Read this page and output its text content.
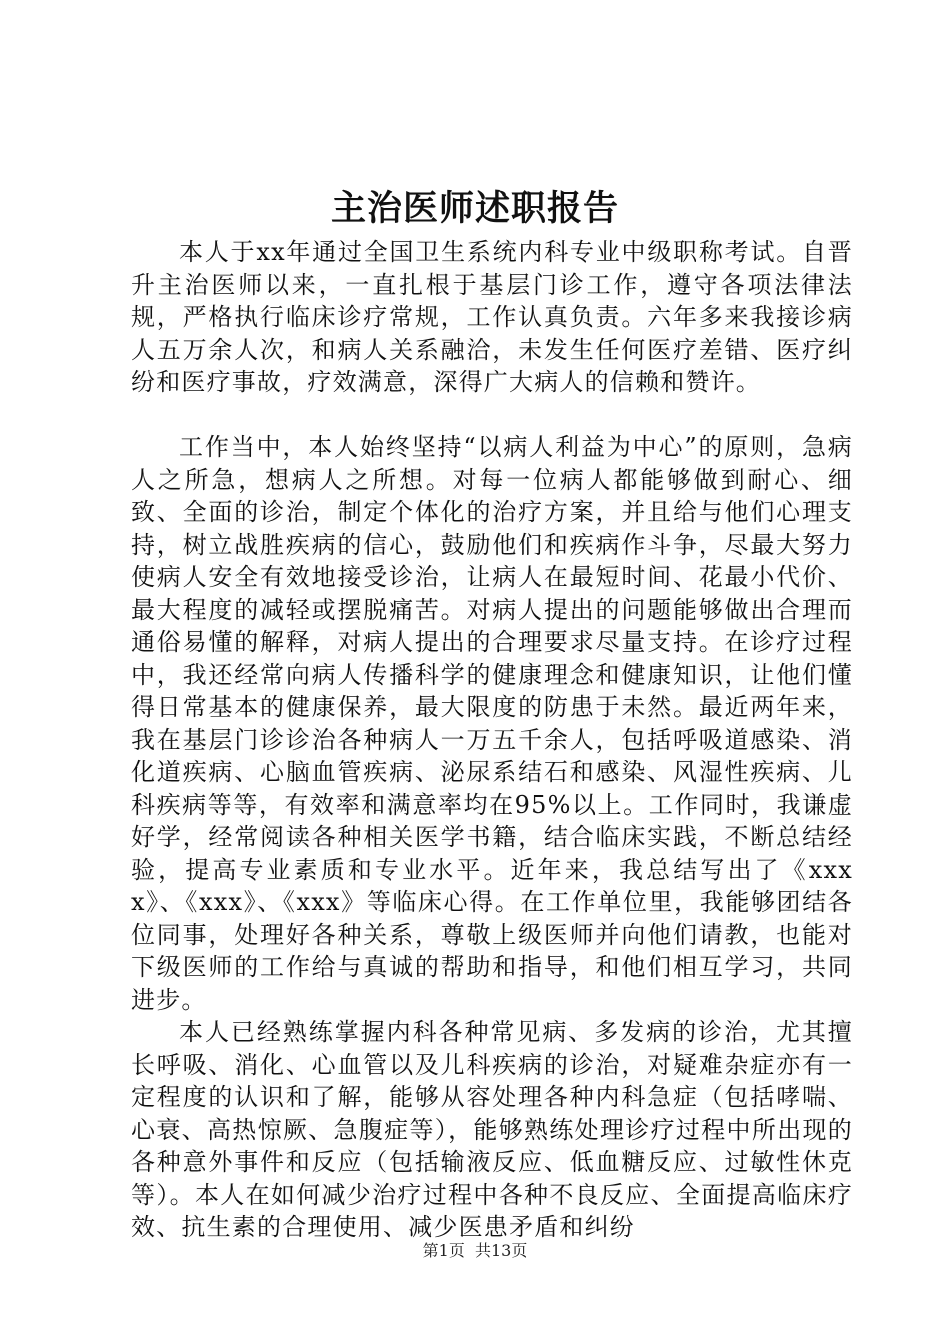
主治医师述职报告

本人于xx年通过全国卫生系统内科专业中级职称考试。自晋升主治医师以来，一直扎根于基层门诊工作，遵守各项法律法规，严格执行临床诊疗常规，工作认真负责。六年多来我接诊病人五万余人次，和病人关系融洽，未发生任何医疗差错、医疗纠纷和医疗事故，疗效满意，深得广大病人的信赖和赞许。

工作当中，本人始终坚持“以病人利益为中心”的原则，急病人之所急，想病人之所想。对每一位病人都能够做到耐心、细致、全面的诊治，制定个体化的治疗方案，并且给与他们心理支持，树立战胜疾病的信心，鼓励他们和疾病作斗争，尽最大努力使病人安全有效地接受诊治，让病人在最短时间、花最小代价、最大程度的减轻或摆脱痛苦。对病人提出的问题能够做出合理而通俗易懂的解释，对病人提出的合理要求尽量支持。在诊疗过程中，我还经常向病人传播科学的健康理念和健康知识，让他们懂得日常基本的健康保养，最大限度的防患于未然。最近两年来，我在基层门诊诊治各种病人一万五千余人，包括呼吸道感染、消化道疾病、心脑血管疾病、泌尿系结石和感染、风湿性疾病、儿科疾病等等，有效率和满意率均在95%以上。工作同时，我谦虚好学，经常阅读各种相关医学书籍，结合临床实践，不断总结经验，提高专业素质和专业水平。近年来，我总结写出了《xxxx》、《xxx》、《xxx》等临床心得。在工作单位里，我能够团结各位同事，处理好各种关系，尊敬上级医师并向他们请教，也能对下级医师的工作给与真诚的帮助和指导，和他们相互学习，共同进步。

本人已经熟练掌握内科各种常见病、多发病的诊治，尤其擅长呼吸、消化、心血管以及儿科疾病的诊治，对疑难杂症亦有一定程度的认识和了解，能够从容处理各种内科急症（包括哮喘、心衰、高热惊厥、急腹症等），能够熟练处理诊疗过程中所出现的各种意外事件和反应（包括输液反应、低血糖反应、过敏性休克等）。本人在如何减少治疗过程中各种不良反应、全面提高临床疗效、抗生素的合理使用、减少医患矛盾和纠纷

第1页  共13页
